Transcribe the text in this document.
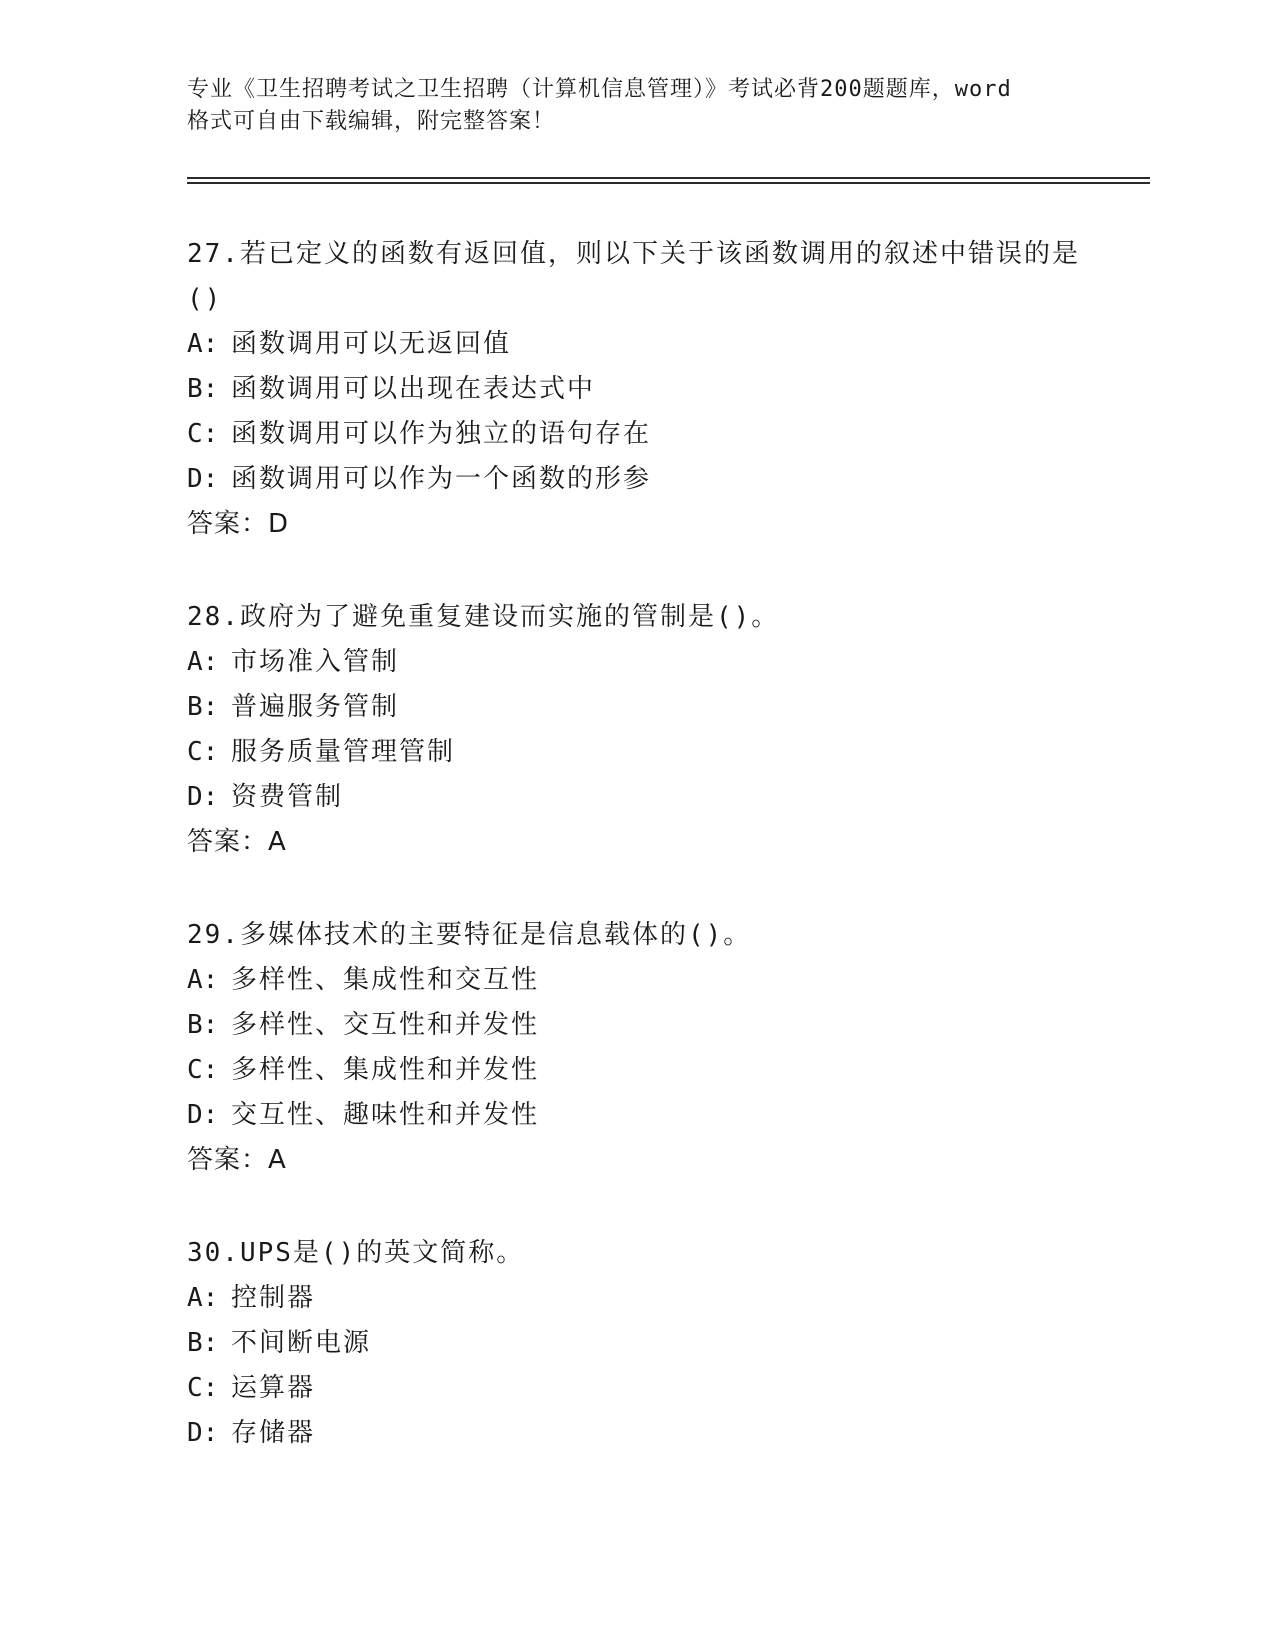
专业《卫生招聘考试之卫生招聘（计算机信息管理）》考试必背200题题库，word
格式可自由下载编辑，附完整答案！

27.若已定义的函数有返回值，则以下关于该函数调用的叙述中错误的是()

A: 函数调用可以无返回值

B: 函数调用可以出现在表达式中

C: 函数调用可以作为独立的语句存在

D: 函数调用可以作为一个函数的形参

答案：D

28.政府为了避免重复建设而实施的管制是()。

A: 市场准入管制

B: 普遍服务管制

C: 服务质量管理管制

D: 资费管制

答案：A

29.多媒体技术的主要特征是信息载体的()。

A: 多样性、集成性和交互性

B: 多样性、交互性和并发性

C: 多样性、集成性和并发性

D: 交互性、趣味性和并发性

答案：A

30.UPS是()的英文简称。

A: 控制器

B: 不间断电源

C: 运算器

D: 存储器
